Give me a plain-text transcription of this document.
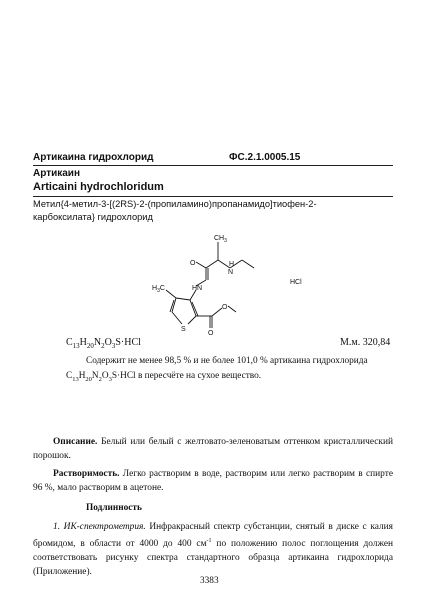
Артикаина гидрохлорид	ФС.2.1.0005.15
Артикаин
Articaini hydrochloridum
Метил{4-метил-3-[(2RS)-2-(пропиламино)пропанамидо]тиофен-2-
карбоксилата} гидрохлорид
$CH_3$
O
N
H
HN
$H_3C$
S
O
O
HCl
$C_{13}H_{20}N_2O_3S\cdot HCl$	М.м. 320,84
Содержит не менее 98,5 % и не более 101,0 % артикаина гидрохлорида
$C_{13}H_{20}N_2O_3S\cdot HCl$ в пересчёте на сухое вещество.
Описание. Белый или белый с желтовато-зеленоватым оттенком кристаллический порошок.
Растворимость. Легко растворим в воде, растворим или легко растворим в спирте 96 %, мало растворим в ацетоне.
Подлинность
1. ИК-спектрометрия. Инфракрасный спектр субстанции, снятый в диске с калия бромидом, в области от 4000 до 400 $см^{-1}$ по положению полос поглощения должен соответствовать рисунку спектра стандартного образца артикаина гидрохлорида (Приложение).
3383
